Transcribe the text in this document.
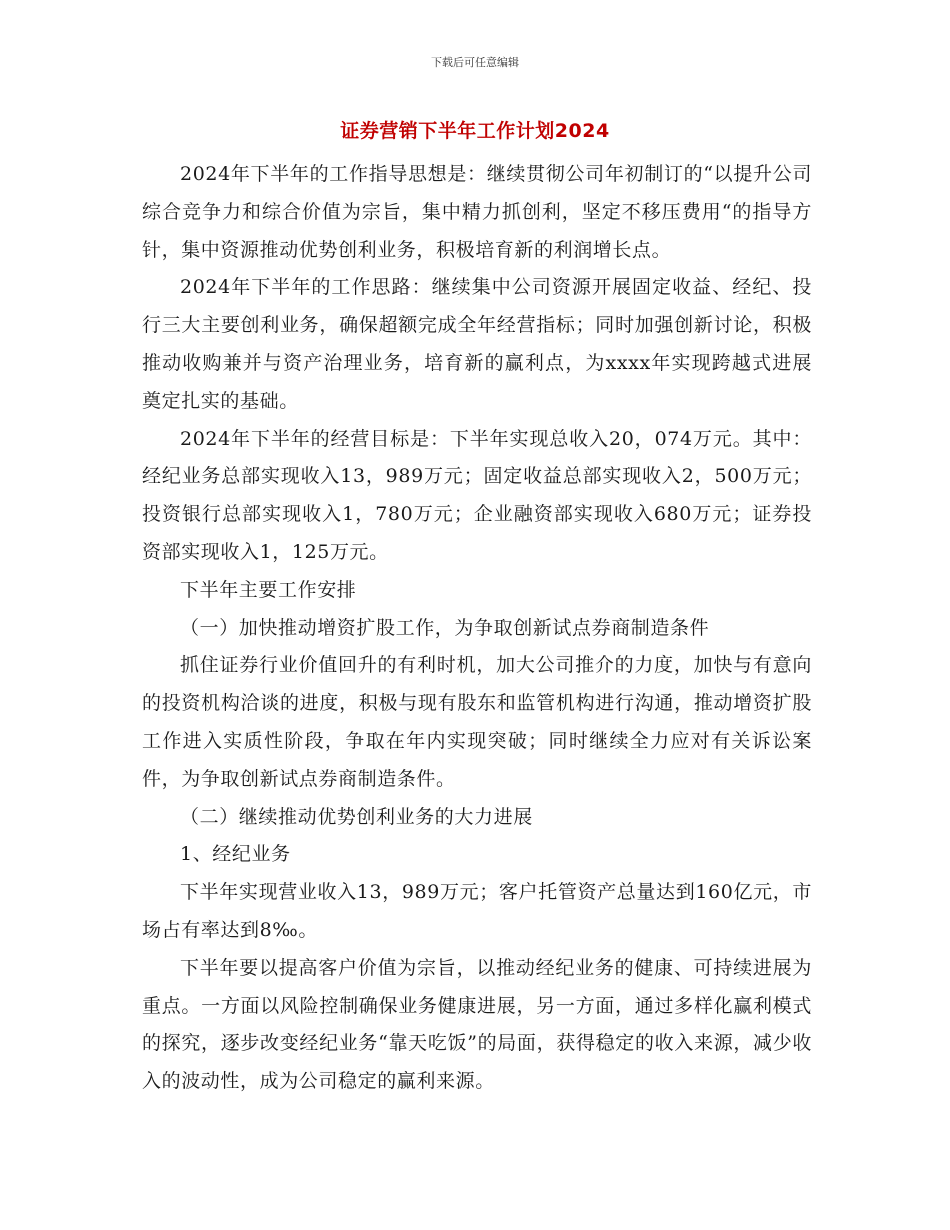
下载后可任意编辑
证券营销下半年工作计划2024

2024年下半年的工作指导思想是：继续贯彻公司年初制订的“以提升公司综合竞争力和综合价值为宗旨，集中精力抓创利，坚定不移压费用“的指导方针，集中资源推动优势创利业务，积极培育新的利润增长点。

2024年下半年的工作思路：继续集中公司资源开展固定收益、经纪、投行三大主要创利业务，确保超额完成全年经营指标；同时加强创新讨论，积极推动收购兼并与资产治理业务，培育新的赢利点，为xxxx年实现跨越式进展奠定扎实的基础。

2024年下半年的经营目标是：下半年实现总收入20，074万元。其中：经纪业务总部实现收入13，989万元；固定收益总部实现收入2，500万元；投资银行总部实现收入1，780万元；企业融资部实现收入680万元；证券投资部实现收入1，125万元。

下半年主要工作安排

（一）加快推动增资扩股工作，为争取创新试点券商制造条件

抓住证券行业价值回升的有利时机，加大公司推介的力度，加快与有意向的投资机构洽谈的进度，积极与现有股东和监管机构进行沟通，推动增资扩股工作进入实质性阶段，争取在年内实现突破；同时继续全力应对有关诉讼案件，为争取创新试点券商制造条件。

（二）继续推动优势创利业务的大力进展

1、经纪业务

下半年实现营业收入13，989万元；客户托管资产总量达到160亿元，市场占有率达到8‰。

下半年要以提高客户价值为宗旨，以推动经纪业务的健康、可持续进展为重点。一方面以风险控制确保业务健康进展，另一方面，通过多样化赢利模式的探究，逐步改变经纪业务“靠天吃饭”的局面，获得稳定的收入来源，减少收入的波动性，成为公司稳定的赢利来源。
